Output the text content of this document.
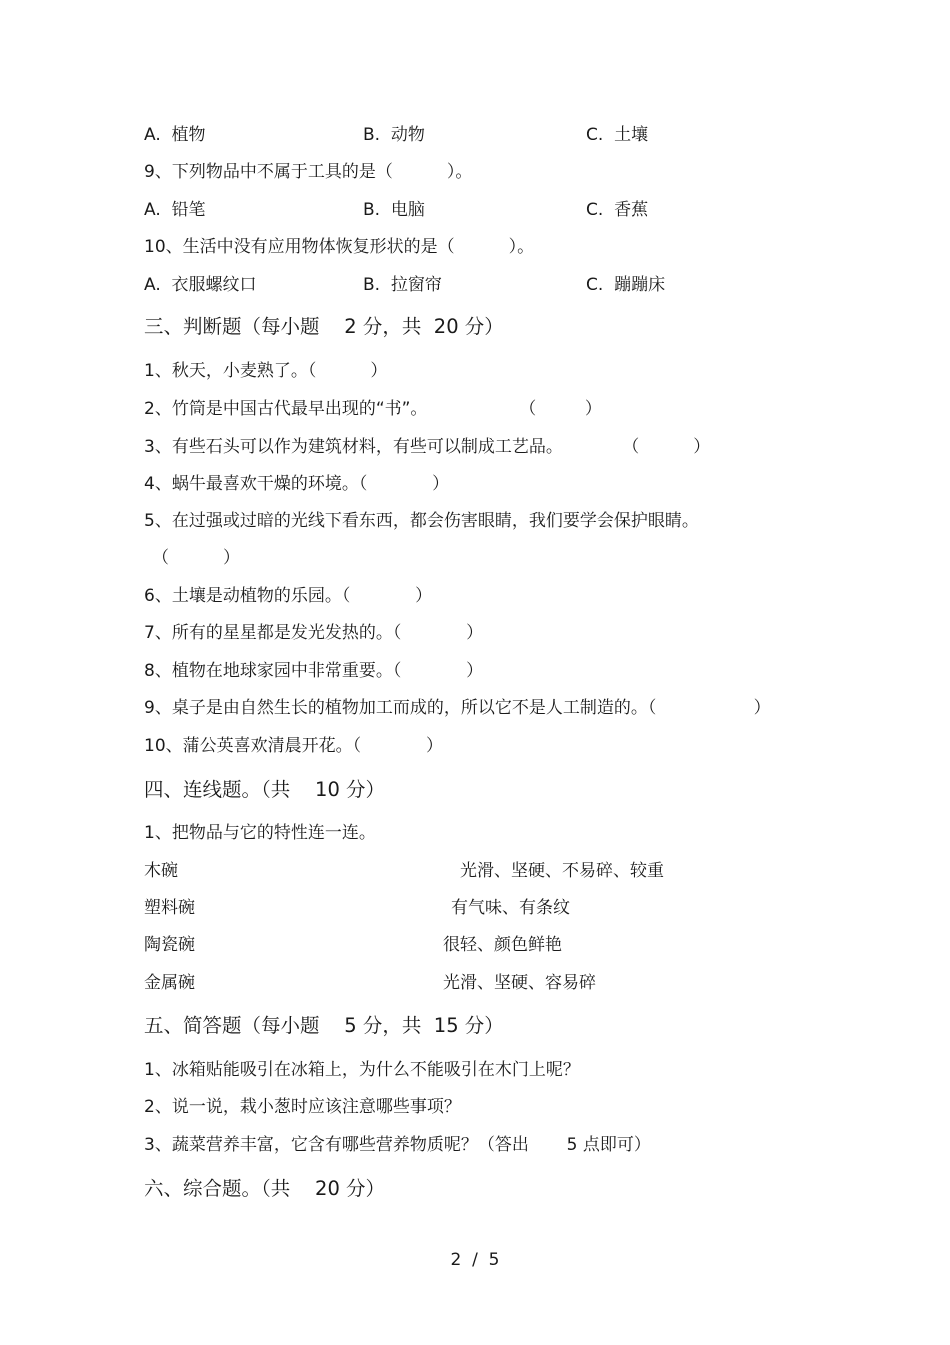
A.  植物	B.  动物	C.  土壤
9、下列物品中不属于工具的是（          ）。
A.  铅笔	B.  电脑	C.  香蕉
10、生活中没有应用物体恢复形状的是（          ）。
A.  衣服螺纹口	B.  拉窗帘	C.  蹦蹦床
三、判断题（每小题    2 分，共  20 分）
1、秋天，小麦熟了。（          ）
2、竹筒是中国古代最早出现的“书”。                 （         ）
3、有些石头可以作为建筑材料，有些可以制成工艺品。           （          ）
4、蜗牛最喜欢干燥的环境。（            ）
5、在过强或过暗的光线下看东西，都会伤害眼睛，我们要学会保护眼睛。
（          ）
6、土壤是动植物的乐园。（            ）
7、所有的星星都是发光发热的。（            ）
8、植物在地球家园中非常重要。（            ）
9、桌子是由自然生长的植物加工而成的，所以它不是人工制造的。（                  ）
10、蒲公英喜欢清晨开花。（            ）
四、连线题。（共    10 分）
1、把物品与它的特性连一连。
木碗	光滑、坚硬、不易碎、较重
塑料碗	有气味、有条纹
陶瓷碗	很轻、颜色鲜艳
金属碗	光滑、坚硬、容易碎
五、简答题（每小题    5 分，共  15 分）
1、冰箱贴能吸引在冰箱上，为什么不能吸引在木门上呢？
2、说一说，栽小葱时应该注意哪些事项？
3、蔬菜营养丰富，它含有哪些营养物质呢？（答出       5 点即可）
六、综合题。（共    20 分）
2  /  5
